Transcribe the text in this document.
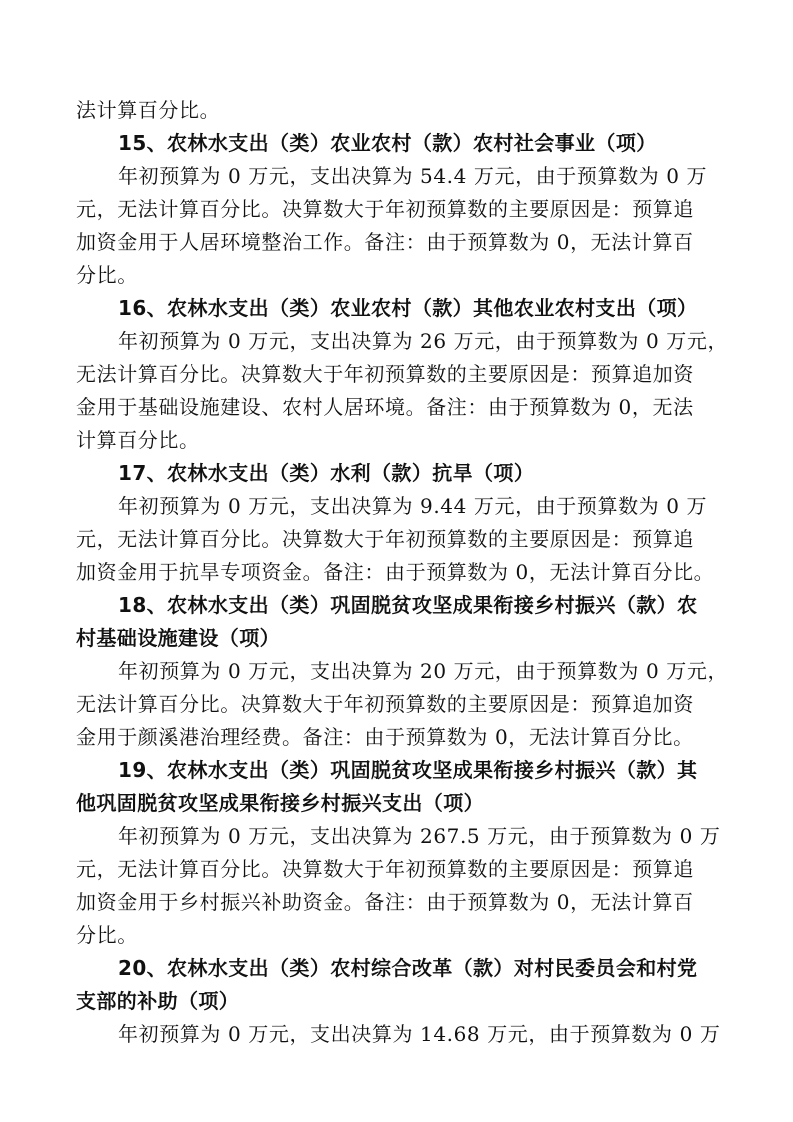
法计算百分比。
15、农林水支出（类）农业农村（款）农村社会事业（项）
年初预算为 0 万元，支出决算为 54.4 万元，由于预算数为 0 万
元，无法计算百分比。决算数大于年初预算数的主要原因是：预算追
加资金用于人居环境整治工作。备注：由于预算数为 0，无法计算百
分比。
16、农林水支出（类）农业农村（款）其他农业农村支出（项）
年初预算为 0 万元，支出决算为 26 万元，由于预算数为 0 万元，
无法计算百分比。决算数大于年初预算数的主要原因是：预算追加资
金用于基础设施建设、农村人居环境。备注：由于预算数为 0，无法
计算百分比。
17、农林水支出（类）水利（款）抗旱（项）
年初预算为 0 万元，支出决算为 9.44 万元，由于预算数为 0 万
元，无法计算百分比。决算数大于年初预算数的主要原因是：预算追
加资金用于抗旱专项资金。备注：由于预算数为 0，无法计算百分比。
18、农林水支出（类）巩固脱贫攻坚成果衔接乡村振兴（款）农
村基础设施建设（项）
年初预算为 0 万元，支出决算为 20 万元，由于预算数为 0 万元，
无法计算百分比。决算数大于年初预算数的主要原因是：预算追加资
金用于颜溪港治理经费。备注：由于预算数为 0，无法计算百分比。
19、农林水支出（类）巩固脱贫攻坚成果衔接乡村振兴（款）其
他巩固脱贫攻坚成果衔接乡村振兴支出（项）
年初预算为 0 万元，支出决算为 267.5 万元，由于预算数为 0 万
元，无法计算百分比。决算数大于年初预算数的主要原因是：预算追
加资金用于乡村振兴补助资金。备注：由于预算数为 0，无法计算百
分比。
20、农林水支出（类）农村综合改革（款）对村民委员会和村党
支部的补助（项）
年初预算为 0 万元，支出决算为 14.68 万元，由于预算数为 0 万
